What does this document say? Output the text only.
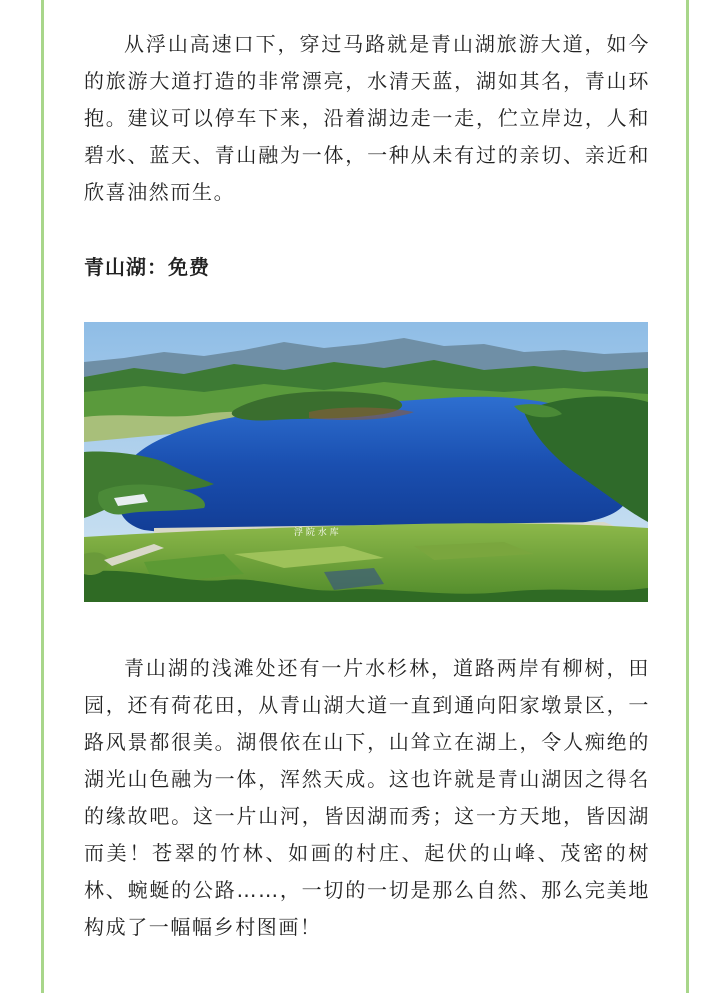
从浮山高速口下，穿过马路就是青山湖旅游大道，如今的旅游大道打造的非常漂亮，水清天蓝，湖如其名，青山环抱。建议可以停车下来，沿着湖边走一走，伫立岸边，人和碧水、蓝天、青山融为一体，一种从未有过的亲切、亲近和欣喜油然而生。

青山湖：免费

浮 院 水 库

青山湖的浅滩处还有一片水杉林，道路两岸有柳树，田园，还有荷花田，从青山湖大道一直到通向阳家墩景区，一路风景都很美。湖偎依在山下，山耸立在湖上，令人痴绝的湖光山色融为一体，浑然天成。这也许就是青山湖因之得名的缘故吧。这一片山河，皆因湖而秀；这一方天地，皆因湖而美！苍翠的竹林、如画的村庄、起伏的山峰、茂密的树林、蜿蜒的公路……，一切的一切是那么自然、那么完美地构成了一幅幅乡村图画！
